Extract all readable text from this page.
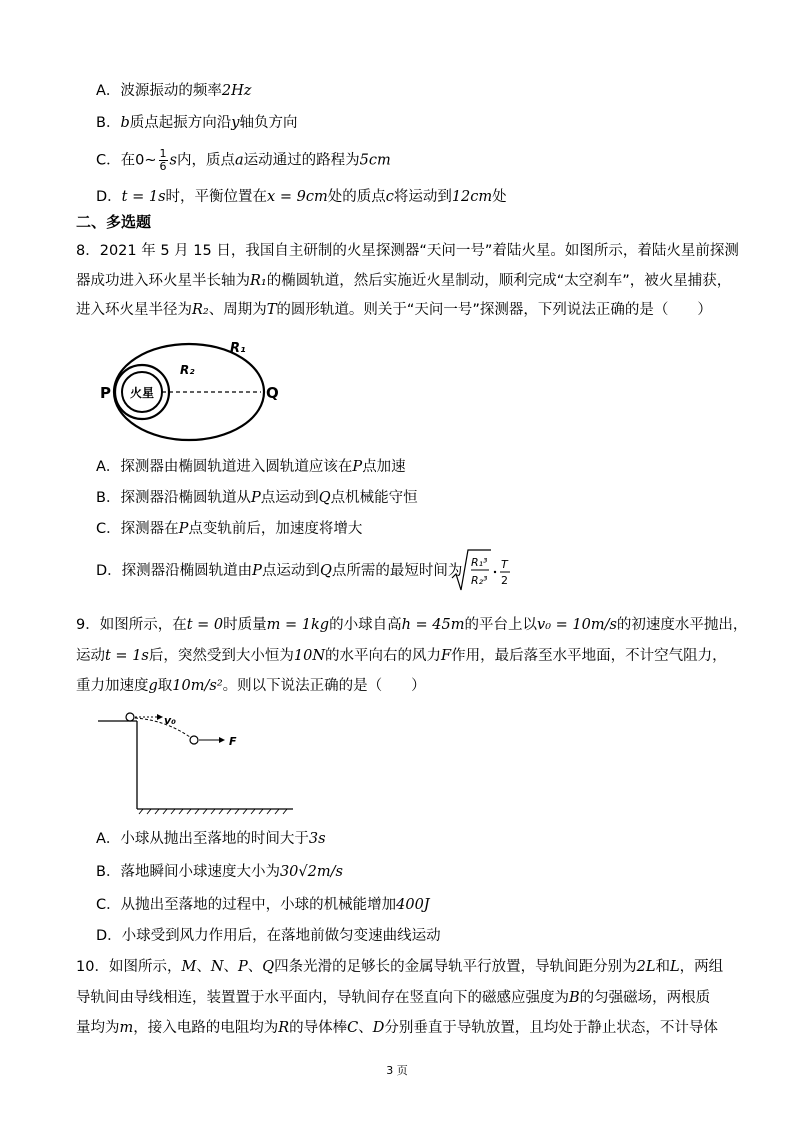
A．波源振动的频率2Hz
B．b质点起振方向沿y轴负方向
C．在0~ $\frac{1}{6}$ s内，质点a运动通过的路程为5cm
D．t = 1s时，平衡位置在x = 9cm处的质点c将运动到12cm处
二、多选题
8．2021 年 5 月 15 日，我国自主研制的火星探测器“天问一号”着陆火星。如图所示，着陆火星前探测
器成功进入环火星半长轴为R₁的椭圆轨道，然后实施近火星制动，顺利完成“太空刹车”，被火星捕获，
进入环火星半径为R₂、周期为T的圆形轨道。则关于“天问一号”探测器，下列说法正确的是（　　）
火星
P	Q
R₁
R₂
A．探测器由椭圆轨道进入圆轨道应该在P点加速
B．探测器沿椭圆轨道从P点运动到Q点机械能守恒
C．探测器在P点变轨前后，加速度将增大
D．探测器沿椭圆轨道由P点运动到Q点所需的最短时间为
R₁³
R₂³
T
2
9．如图所示，在t = 0时质量m = 1kg的小球自高h = 45m的平台上以v₀ = 10m/s的初速度水平抛出，
运动t = 1s后，突然受到大小恒为10N的水平向右的风力F作用，最后落至水平地面，不计空气阻力，
重力加速度g取10m/s²。则以下说法正确的是（　　）
v₀
F
A．小球从抛出至落地的时间大于3s
B．落地瞬间小球速度大小为30√2m/s
C．从抛出至落地的过程中，小球的机械能增加400J
D．小球受到风力作用后，在落地前做匀变速曲线运动
10．如图所示，M、N、P、Q四条光滑的足够长的金属导轨平行放置，导轨间距分别为2L和L，两组
导轨间由导线相连，装置置于水平面内，导轨间存在竖直向下的磁感应强度为B的匀强磁场，两根质
量均为m，接入电路的电阻均为R的导体棒C、D分别垂直于导轨放置，且均处于静止状态，不计导体
3 页
